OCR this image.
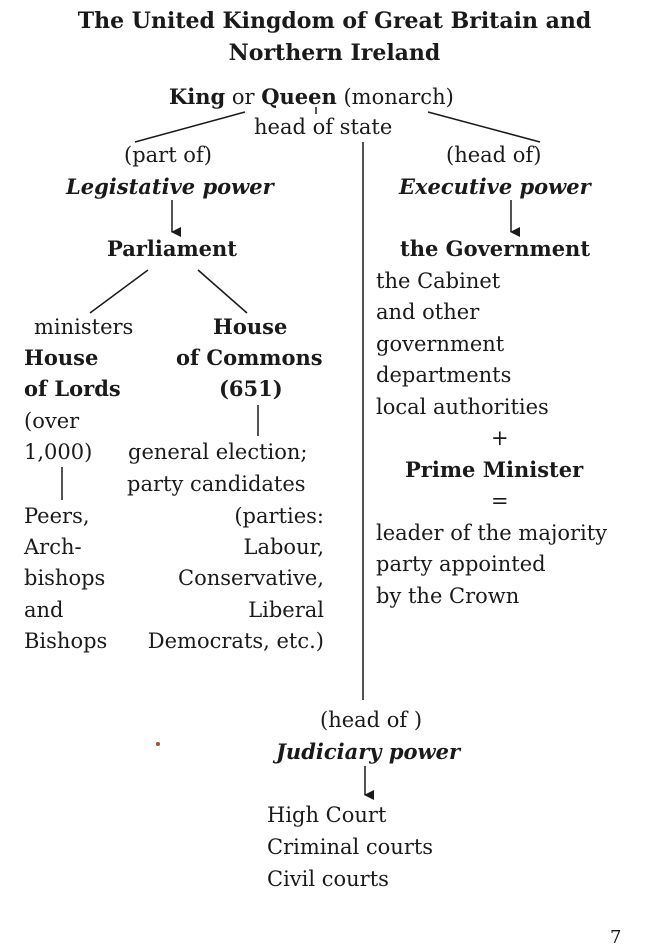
The United Kingdom of Great Britain and
Northern Ireland
King or Queen (monarch)
head of state
(part of)
Legistative power
Parliament
ministers
House
of Lords
(over
1,000)
Peers,
Arch-
bishops
and
Bishops
House
of Commons
(651)
general election;
party candidates
(parties:
Labour,
Conservative,
Liberal
Democrats, etc.)
(head of)
Executive power
the Government
the Cabinet
and other
government
departments
local authorities
+
Prime Minister
=
leader of the majority
party appointed
by the Crown
(head of )
Judiciary power
High Court
Criminal courts
Civil courts
7
